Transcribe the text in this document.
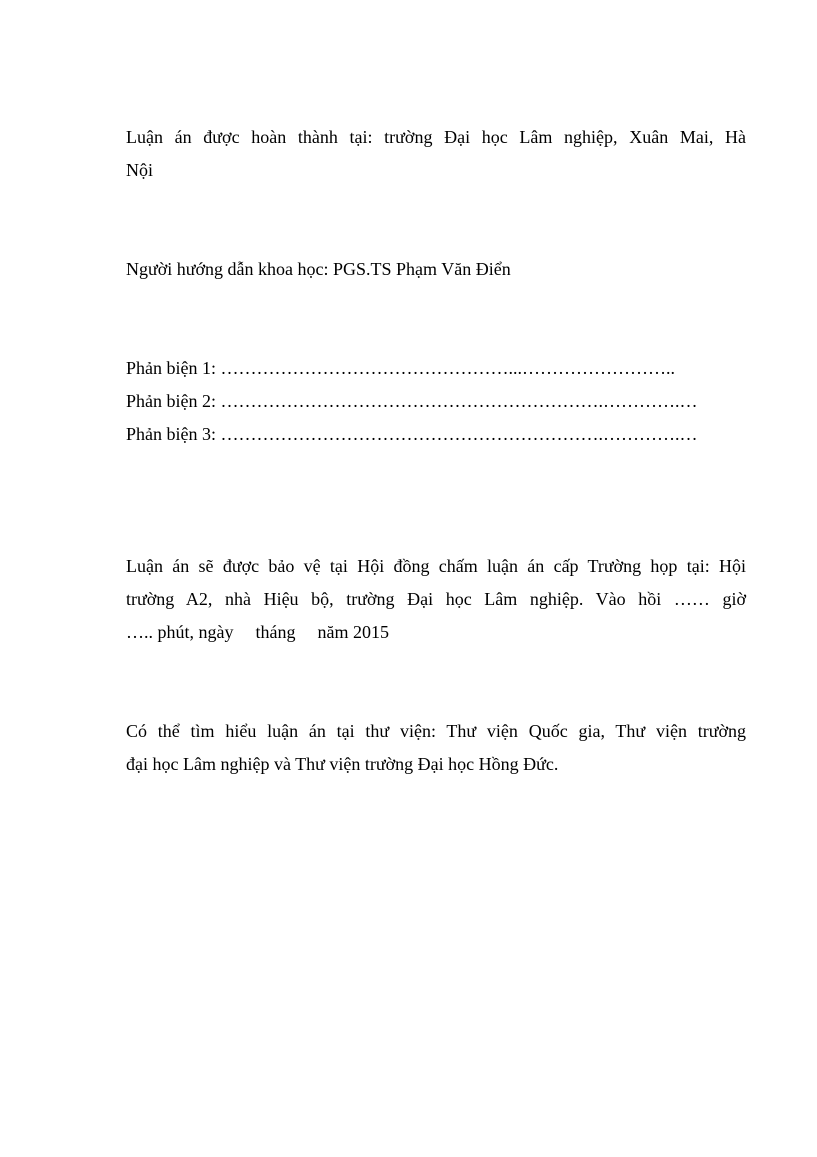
Luận án được hoàn thành tại: trường Đại học Lâm nghiệp, Xuân Mai, Hà
Nội
Người hướng dẫn khoa học: PGS.TS Phạm Văn Điển
Phản biện 1: …………………………………………...……………………..
Phản biện 2: ……………………………………………………….………….…
Phản biện 3: ……………………………………………………….………….…
Luận án sẽ được bảo vệ tại Hội đồng chấm luận án cấp Trường họp tại: Hội
trường A2, nhà Hiệu bộ, trường Đại học Lâm nghiệp. Vào hồi …… giờ
….. phút, ngày tháng năm 2015
Có thể tìm hiểu luận án tại thư viện: Thư viện Quốc gia, Thư viện trường
đại học Lâm nghiệp và Thư viện trường Đại học Hồng Đức.
